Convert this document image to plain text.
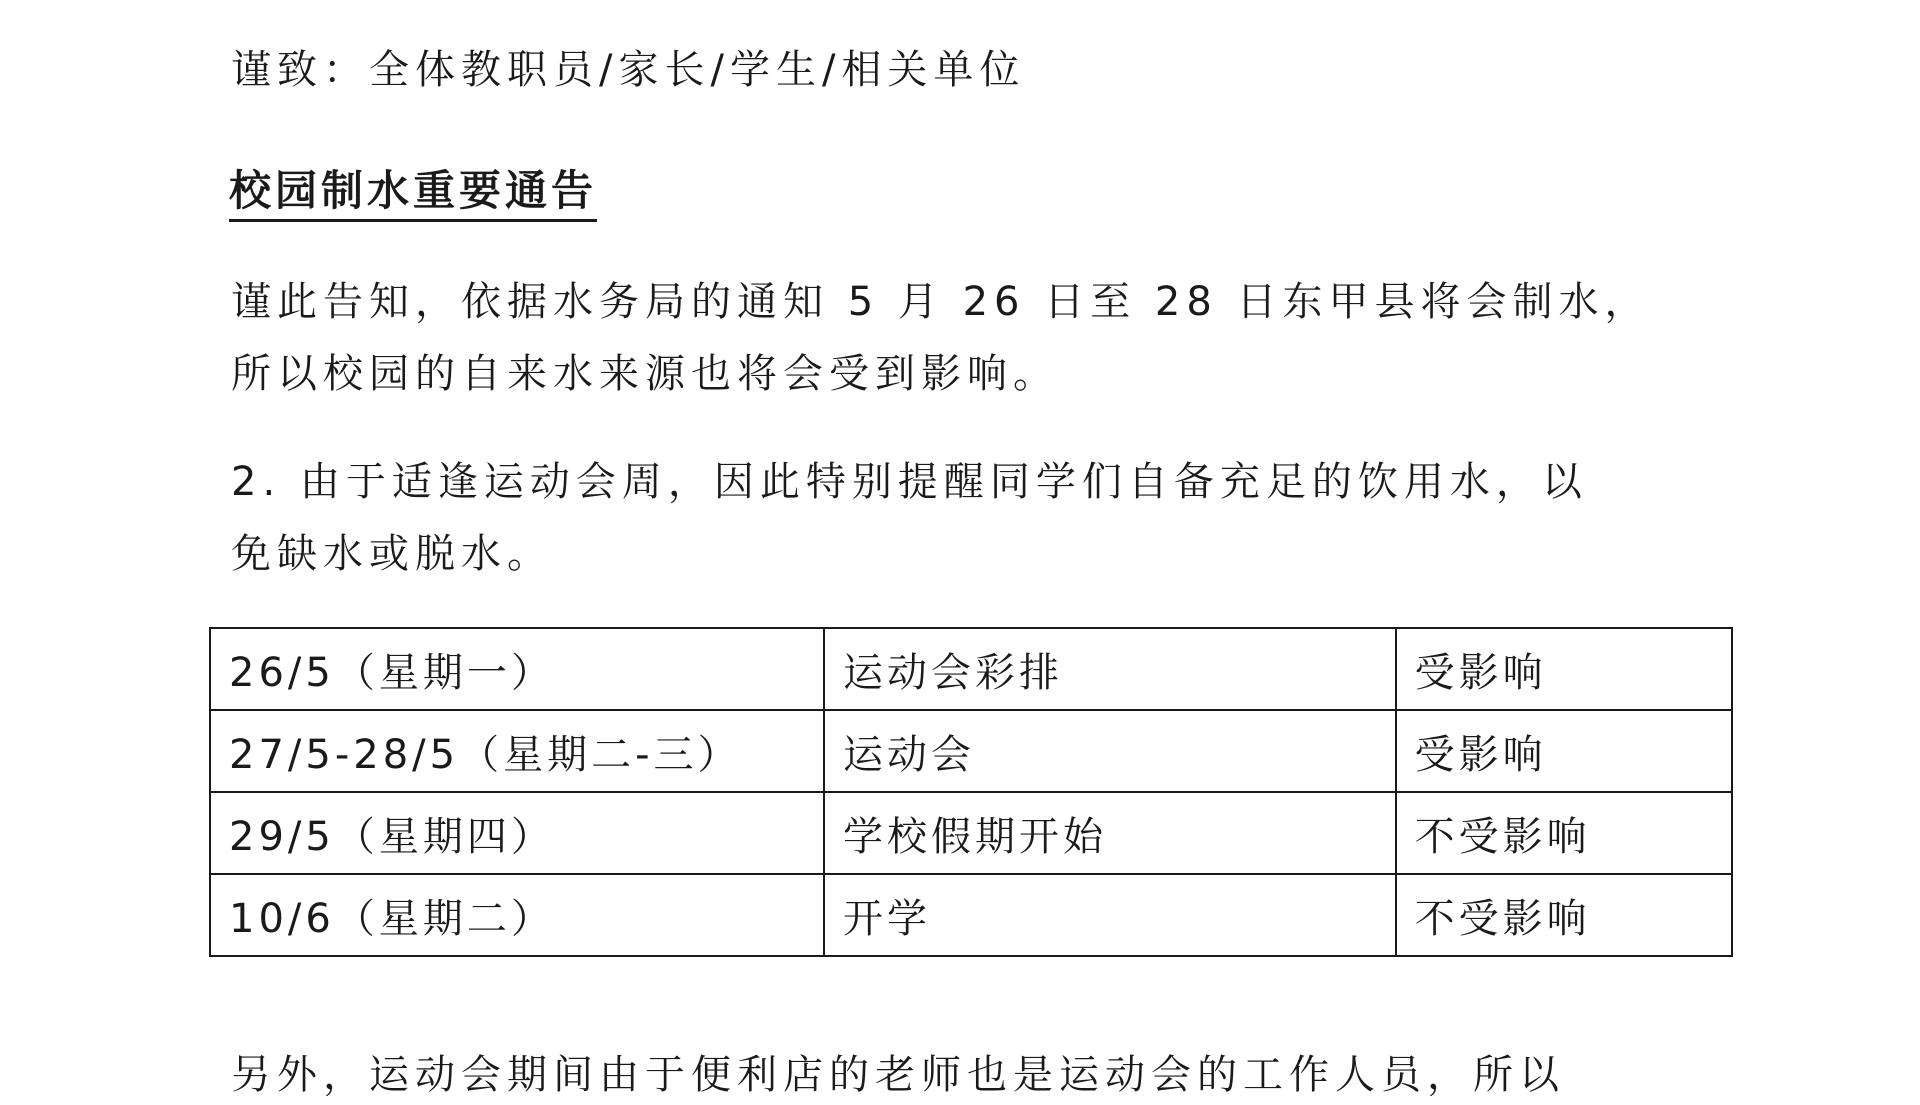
谨致：全体教职员/家长/学生/相关单位
校园制水重要通告
谨此告知，依据水务局的通知 5 月 26 日至 28 日东甲县将会制水，
所以校园的自来水来源也将会受到影响。
2. 由于适逢运动会周，因此特别提醒同学们自备充足的饮用水，以
免缺水或脱水。
26/5（星期一）	运动会彩排	受影响
27/5-28/5（星期二-三）	运动会	受影响
29/5（星期四）	学校假期开始	不受影响
10/6（星期二）	开学	不受影响
另外，运动会期间由于便利店的老师也是运动会的工作人员，所以
